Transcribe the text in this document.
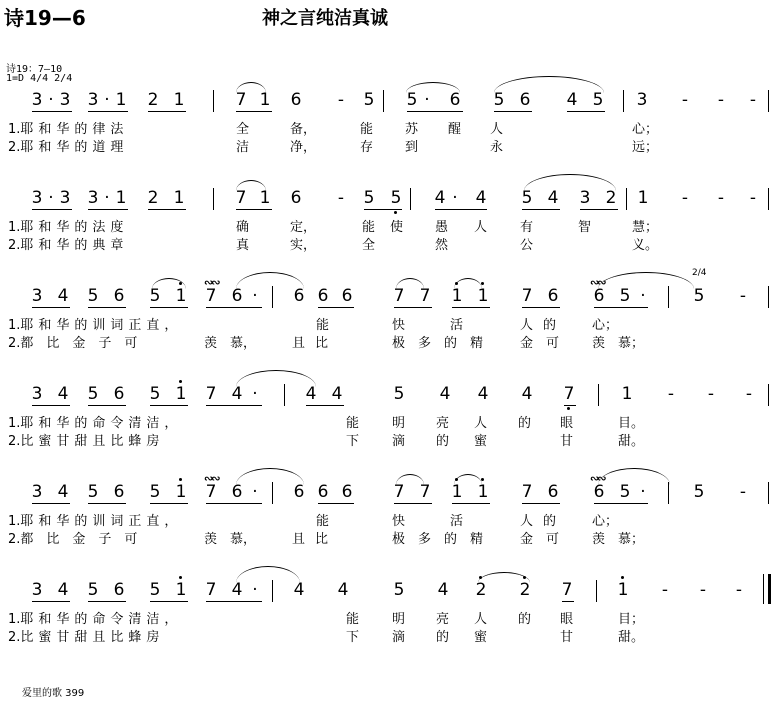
诗19—6	神之言纯洁真诚
诗19：7—10
1=D 4/4 2/4
3 · 3 3 · 1 2 1	7 1 6 - 5 5 · 6 5 6 4 5 3 - - -
1.耶和华的律法	全	备，	能 苏 醒 人	心；
2.耶和华的道理	洁	净，	存 到	永	远；
3 · 3 3 · 1 2 1	7 1 6 - 5 5 4 · 4 5 4 3 2 1 - - -
1.耶和华的法度	确	定，	能 使 愚 人	有	智	慧；
2.耶和华的典章	真	实，	全	然	公	义。
3 4 5 6 5 1
∾∾
7 6 · 6 6 6 7 7 1 1 7 6
∾∾
6 5 ·
2/4
5 -
1.耶和华的训词正直，	能	快	活	人的 心；
2.都比金子可	羡 慕，	且比	极多的精 金可 羡 慕；
3 4 5 6 5 1 7 4 ·	4 4	5 4 4 4 7	1 - - -
1.耶和华的命令清洁，	能	明 亮 人 的 眼	目。
2.比蜜甘甜且比蜂房	下	滴 的 蜜	甘	甜。
3 4 5 6 5 1
∾∾
7 6 · 6 6 6 7 7 1 1 7 6
∾∾
6 5 ·	5 -
1.耶和华的训词正直，	能	快	活	人的 心；
2.都比金子可	羡 慕，	且比	极多的精 金可 羡 慕；
3 4 5 6 5 1 7 4 · 4 4	5 4 2 2 7	1 - - -
1.耶和华的命令清洁，	能	明 亮 人 的 眼	目；
2.比蜜甘甜且比蜂房	下	滴 的 蜜	甘	甜。
爱里的歌 399
